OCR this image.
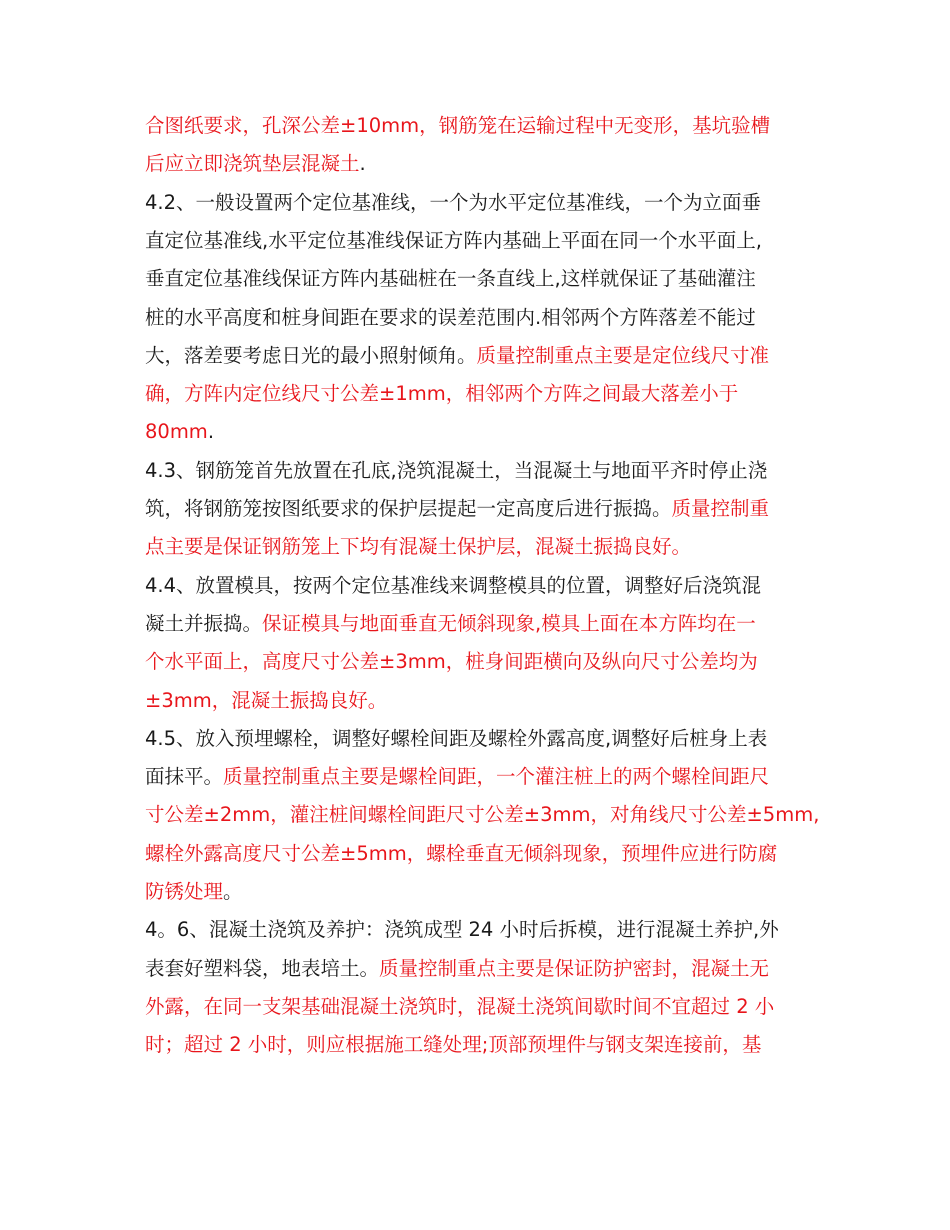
合图纸要求，孔深公差±10mm，钢筋笼在运输过程中无变形，基坑验槽
后应立即浇筑垫层混凝土.
4.2、一般设置两个定位基准线，一个为水平定位基准线，一个为立面垂
直定位基准线,水平定位基准线保证方阵内基础上平面在同一个水平面上,
垂直定位基准线保证方阵内基础桩在一条直线上,这样就保证了基础灌注
桩的水平高度和桩身间距在要求的误差范围内.相邻两个方阵落差不能过
大，落差要考虑日光的最小照射倾角。质量控制重点主要是定位线尺寸准
确，方阵内定位线尺寸公差±1mm，相邻两个方阵之间最大落差小于
80mm.
4.3、钢筋笼首先放置在孔底,浇筑混凝土，当混凝土与地面平齐时停止浇
筑，将钢筋笼按图纸要求的保护层提起一定高度后进行振捣。质量控制重
点主要是保证钢筋笼上下均有混凝土保护层，混凝土振捣良好。
4.4、放置模具，按两个定位基准线来调整模具的位置，调整好后浇筑混
凝土并振捣。保证模具与地面垂直无倾斜现象,模具上面在本方阵均在一
个水平面上，高度尺寸公差±3mm，桩身间距横向及纵向尺寸公差均为
±3mm，混凝土振捣良好。
4.5、放入预埋螺栓，调整好螺栓间距及螺栓外露高度,调整好后桩身上表
面抹平。质量控制重点主要是螺栓间距，一个灌注桩上的两个螺栓间距尺
寸公差±2mm，灌注桩间螺栓间距尺寸公差±3mm，对角线尺寸公差±5mm,
螺栓外露高度尺寸公差±5mm，螺栓垂直无倾斜现象，预埋件应进行防腐
防锈处理。
4。6、混凝土浇筑及养护：浇筑成型 24 小时后拆模，进行混凝土养护,外
表套好塑料袋，地表培土。质量控制重点主要是保证防护密封，混凝土无
外露，在同一支架基础混凝土浇筑时，混凝土浇筑间歇时间不宜超过 2 小
时；超过 2 小时，则应根据施工缝处理;顶部预埋件与钢支架连接前，基
